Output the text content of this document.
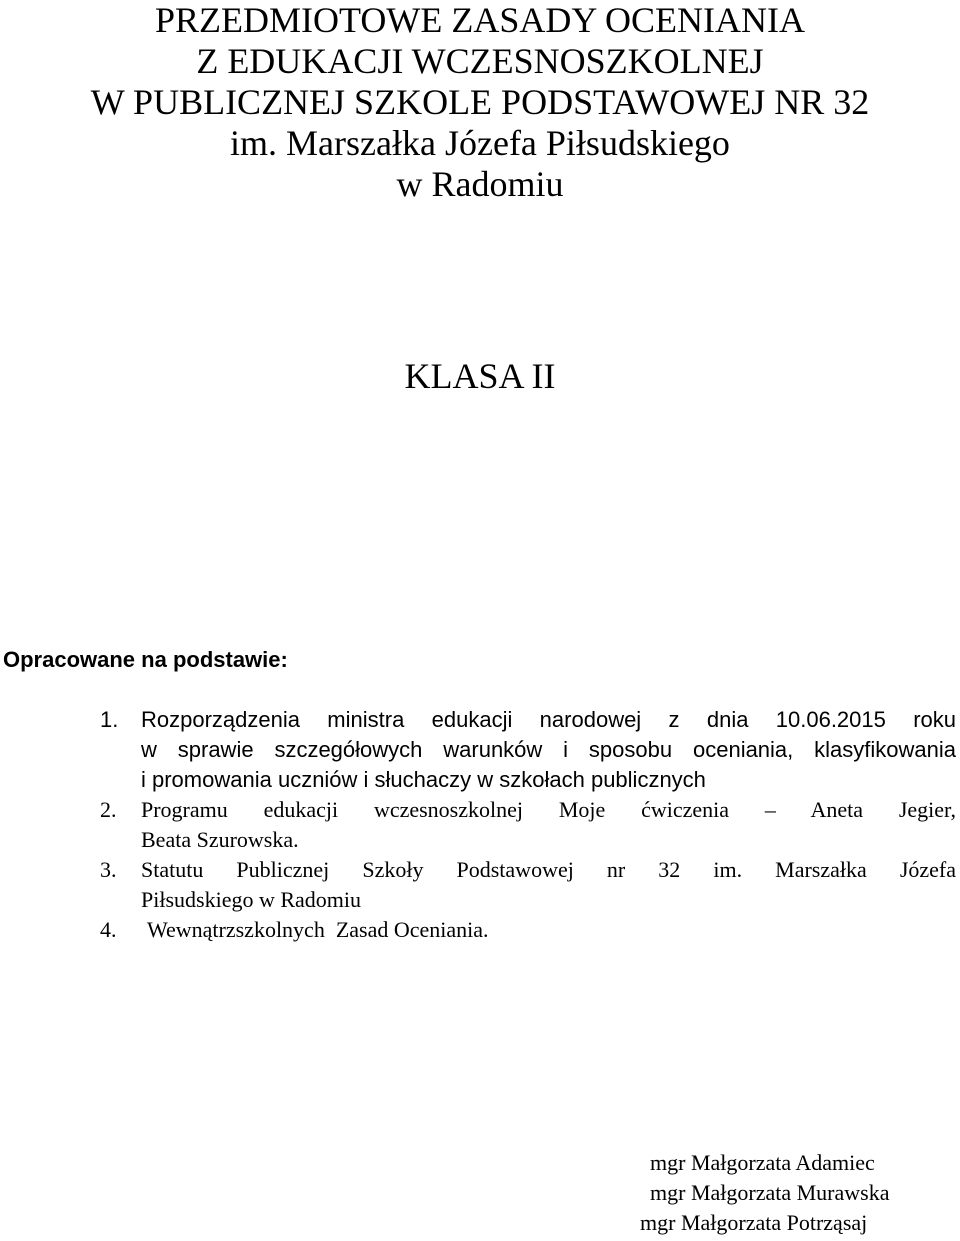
PRZEDMIOTOWE ZASADY OCENIANIA

Z EDUKACJI WCZESNOSZKOLNEJ

W PUBLICZNEJ SZKOLE PODSTAWOWEJ NR 32

im. Marszałka Józefa Piłsudskiego

w Radomiu

KLASA II
Opracowane na podstawie:
1. Rozporządzenia ministra edukacji narodowej z dnia 10.06.2015 roku
w sprawie szczegółowych warunków i sposobu oceniania, klasyfikowania
i promowania uczniów i słuchaczy w szkołach publicznych
2. Programu edukacji wczesnoszkolnej Moje ćwiczenia – Aneta Jegier,
Beata Szurowska.
3. Statutu Publicznej Szkoły Podstawowej nr 32 im. Marszałka Józefa
Piłsudskiego w Radomiu
4. Wewnątrzszkolnych  Zasad Oceniania.
mgr Małgorzata Adamiec
mgr Małgorzata Murawska
mgr Małgorzata Potrząsaj
